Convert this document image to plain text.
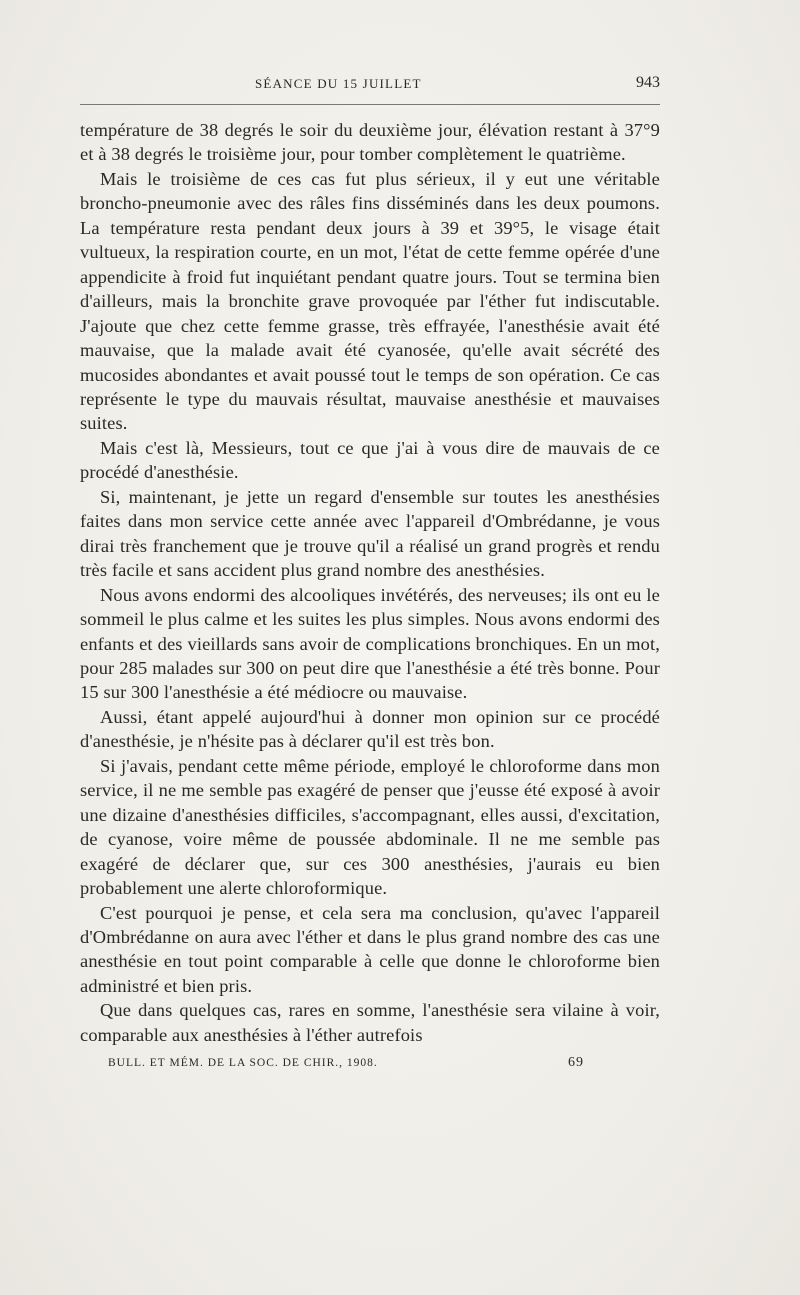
SÉANCE DU 15 JUILLET	943

température de 38 degrés le soir du deuxième jour, élévation restant à 37°9 et à 38 degrés le troisième jour, pour tomber complètement le quatrième.

Mais le troisième de ces cas fut plus sérieux, il y eut une véritable broncho-pneumonie avec des râles fins disséminés dans les deux poumons. La température resta pendant deux jours à 39 et 39°5, le visage était vultueux, la respiration courte, en un mot, l'état de cette femme opérée d'une appendicite à froid fut inquiétant pendant quatre jours. Tout se termina bien d'ailleurs, mais la bronchite grave provoquée par l'éther fut indiscutable. J'ajoute que chez cette femme grasse, très effrayée, l'anesthésie avait été mauvaise, que la malade avait été cyanosée, qu'elle avait sécrété des mucosides abondantes et avait poussé tout le temps de son opération. Ce cas représente le type du mauvais résultat, mauvaise anesthésie et mauvaises suites.

Mais c'est là, Messieurs, tout ce que j'ai à vous dire de mauvais de ce procédé d'anesthésie.

Si, maintenant, je jette un regard d'ensemble sur toutes les anesthésies faites dans mon service cette année avec l'appareil d'Ombrédanne, je vous dirai très franchement que je trouve qu'il a réalisé un grand progrès et rendu très facile et sans accident plus grand nombre des anesthésies.

Nous avons endormi des alcooliques invétérés, des nerveuses; ils ont eu le sommeil le plus calme et les suites les plus simples. Nous avons endormi des enfants et des vieillards sans avoir de complications bronchiques. En un mot, pour 285 malades sur 300 on peut dire que l'anesthésie a été très bonne. Pour 15 sur 300 l'anesthésie a été médiocre ou mauvaise.

Aussi, étant appelé aujourd'hui à donner mon opinion sur ce procédé d'anesthésie, je n'hésite pas à déclarer qu'il est très bon.

Si j'avais, pendant cette même période, employé le chloroforme dans mon service, il ne me semble pas exagéré de penser que j'eusse été exposé à avoir une dizaine d'anesthésies difficiles, s'accompagnant, elles aussi, d'excitation, de cyanose, voire même de poussée abdominale. Il ne me semble pas exagéré de déclarer que, sur ces 300 anesthésies, j'aurais eu bien probablement une alerte chloroformique.

C'est pourquoi je pense, et cela sera ma conclusion, qu'avec l'appareil d'Ombrédanne on aura avec l'éther et dans le plus grand nombre des cas une anesthésie en tout point comparable à celle que donne le chloroforme bien administré et bien pris.

Que dans quelques cas, rares en somme, l'anesthésie sera vilaine à voir, comparable aux anesthésies à l'éther autrefois

BULL. ET MÉM. DE LA SOC. DE CHIR., 1908.	69
